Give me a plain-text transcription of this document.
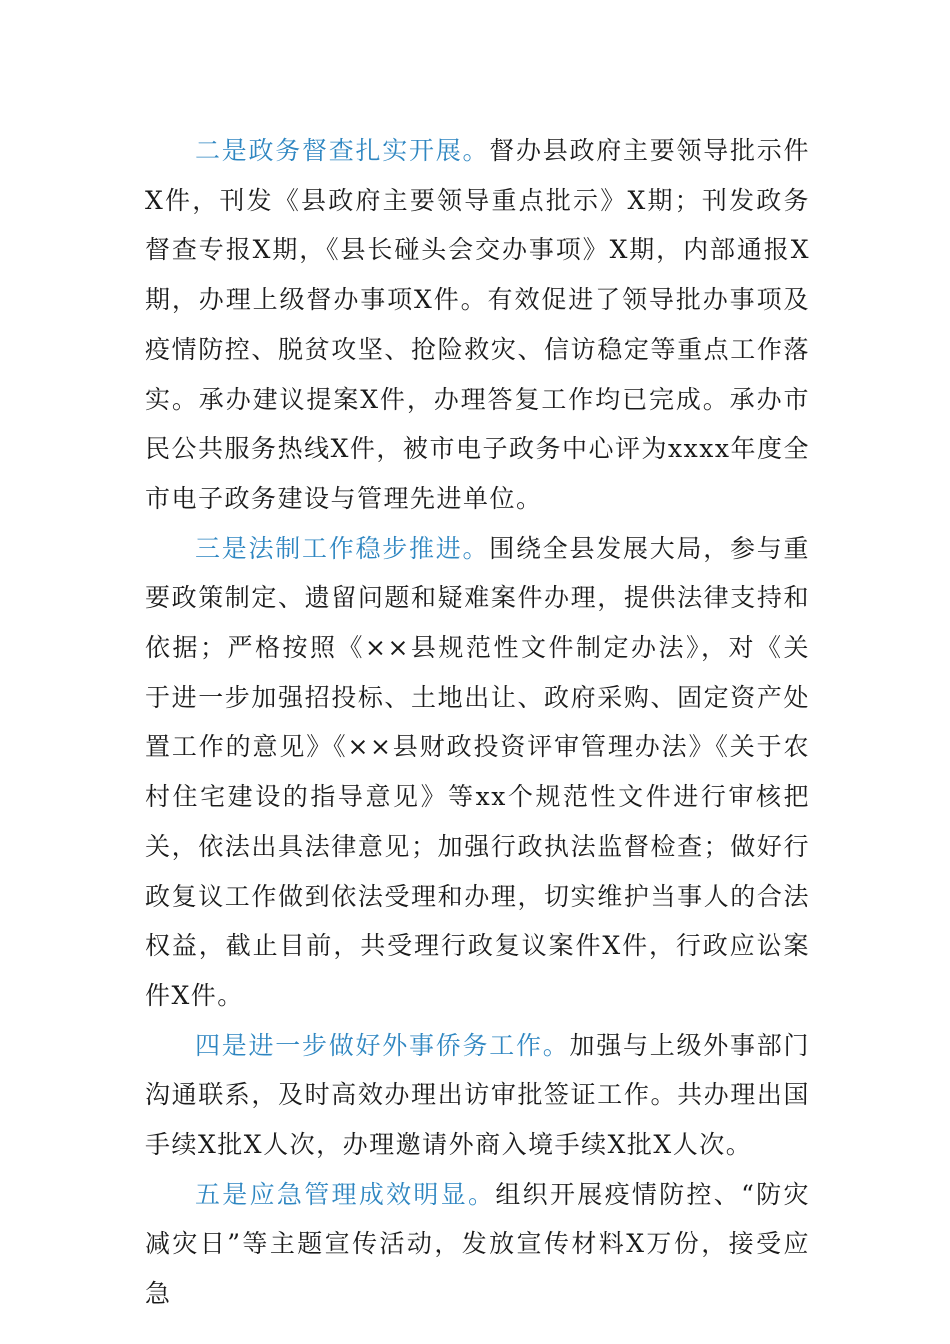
二是政务督查扎实开展。督办县政府主要领导批示件X件，刊发《县政府主要领导重点批示》X期；刊发政务督查专报X期，《县长碰头会交办事项》X期，内部通报X期，办理上级督办事项X件。有效促进了领导批办事项及疫情防控、脱贫攻坚、抢险救灾、信访稳定等重点工作落实。承办建议提案X件，办理答复工作均已完成。承办市民公共服务热线X件，被市电子政务中心评为xxxx年度全市电子政务建设与管理先进单位。

三是法制工作稳步推进。围绕全县发展大局，参与重要政策制定、遗留问题和疑难案件办理，提供法律支持和依据；严格按照《××县规范性文件制定办法》，对《关于进一步加强招投标、土地出让、政府采购、固定资产处置工作的意见》《××县财政投资评审管理办法》《关于农村住宅建设的指导意见》等xx个规范性文件进行审核把关，依法出具法律意见；加强行政执法监督检查；做好行政复议工作做到依法受理和办理，切实维护当事人的合法权益，截止目前，共受理行政复议案件X件，行政应讼案件X件。

四是进一步做好外事侨务工作。加强与上级外事部门沟通联系，及时高效办理出访审批签证工作。共办理出国手续X批X人次，办理邀请外商入境手续X批X人次。

五是应急管理成效明显。组织开展疫情防控、“防灾减灾日”等主题宣传活动，发放宣传材料X万份，接受应急
